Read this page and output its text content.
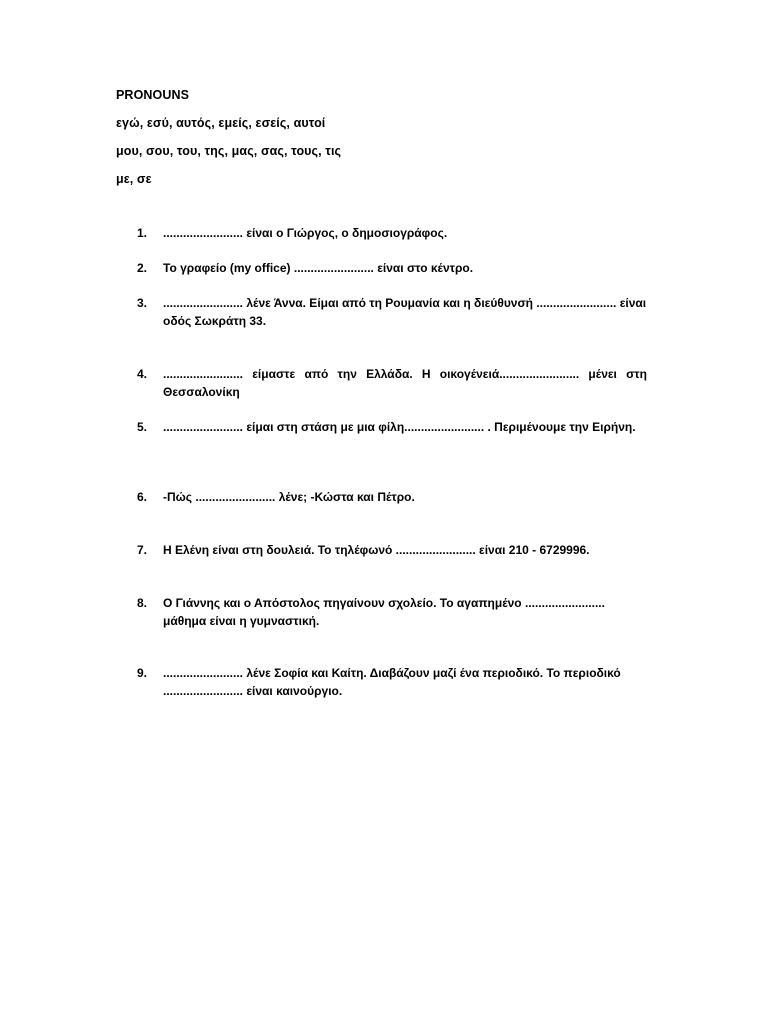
PRONOUNS
εγώ, εσύ, αυτός, εμείς, εσείς, αυτοί
μου, σου, του, της, μας, σας, τους, τις
με, σε
1.	........................ είναι ο Γιώργος, ο δημοσιογράφος.
2.	Το γραφείο (my office) ........................ είναι στο κέντρο.
3.	........................ λένε Άννα. Είμαι από τη Ρουμανία και η διεύθυνσή ........................ είναι οδός Σωκράτη 33.
4.	........................ είμαστε από την Ελλάδα. Η οικογένειά........................ μένει στη Θεσσαλονίκη
5.	........................ είμαι στη στάση με μια φίλη........................ . Περιμένουμε την Ειρήνη.
6.	-Πώς ........................ λένε; -Κώστα και Πέτρο.
7.	Η Ελένη είναι στη δουλειά. Το τηλέφωνό ........................ είναι 210 - 6729996.
8.	Ο Γιάννης και ο Απόστολος πηγαίνουν σχολείο. Το αγαπημένο ........................ μάθημα είναι η γυμναστική.
9.	........................ λένε Σοφία και Καίτη. Διαβάζουν μαζί ένα περιοδικό. Το περιοδικό ........................ είναι καινούργιο.
